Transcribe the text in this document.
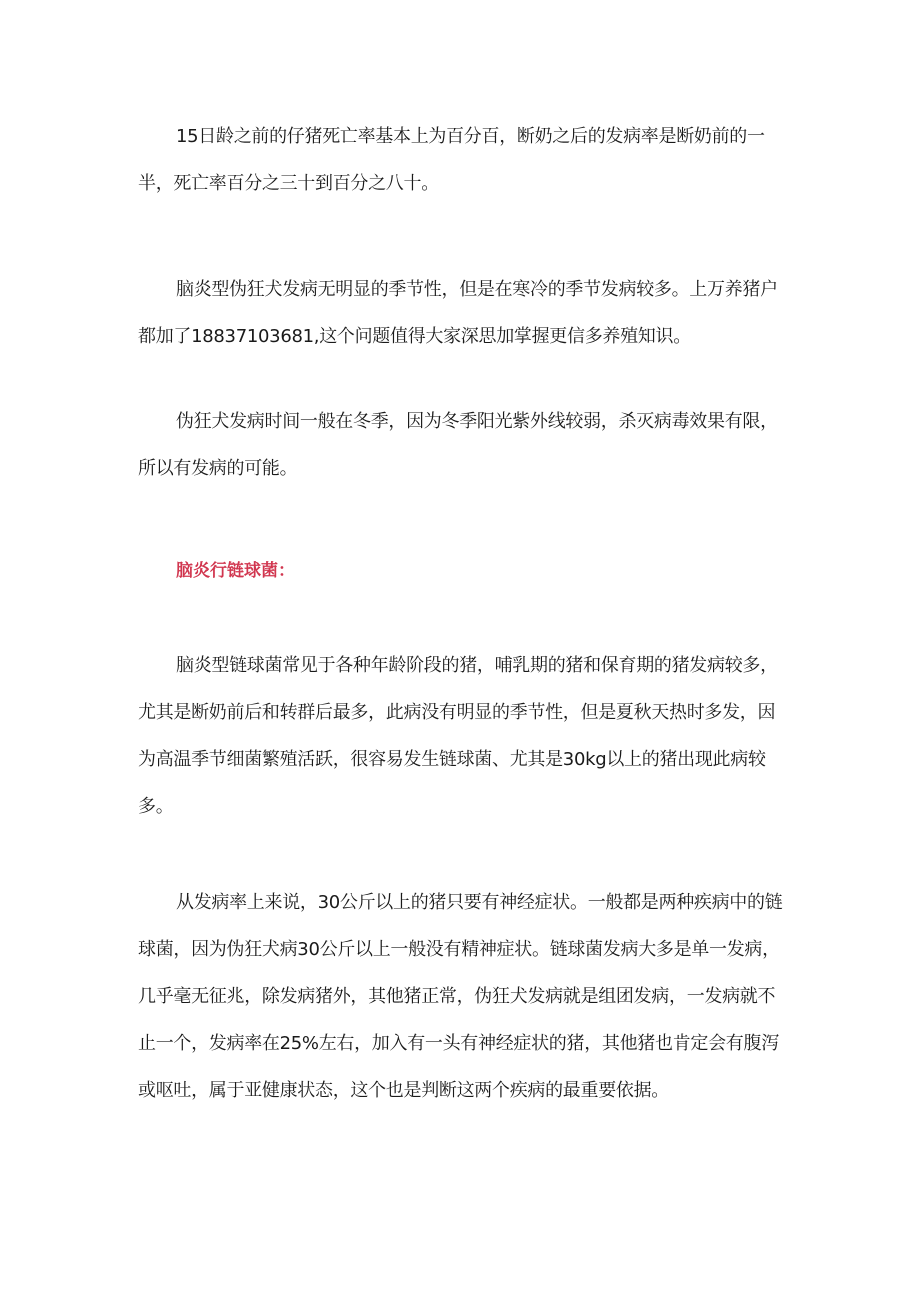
15日龄之前的仔猪死亡率基本上为百分百，断奶之后的发病率是断奶前的一半，死亡率百分之三十到百分之八十。

脑炎型伪狂犬发病无明显的季节性，但是在寒冷的季节发病较多。上万养猪户都加了18837103681,这个问题值得大家深思加掌握更信多养殖知识。

伪狂犬发病时间一般在冬季，因为冬季阳光紫外线较弱，杀灭病毒效果有限，所以有发病的可能。

脑炎行链球菌：

脑炎型链球菌常见于各种年龄阶段的猪，哺乳期的猪和保育期的猪发病较多，尤其是断奶前后和转群后最多，此病没有明显的季节性，但是夏秋天热时多发，因为高温季节细菌繁殖活跃，很容易发生链球菌、尤其是30kg以上的猪出现此病较多。

从发病率上来说，30公斤以上的猪只要有神经症状。一般都是两种疾病中的链球菌，因为伪狂犬病30公斤以上一般没有精神症状。链球菌发病大多是单一发病，几乎毫无征兆，除发病猪外，其他猪正常，伪狂犬发病就是组团发病，一发病就不止一个，发病率在25%左右，加入有一头有神经症状的猪，其他猪也肯定会有腹泻或呕吐，属于亚健康状态，这个也是判断这两个疾病的最重要依据。
